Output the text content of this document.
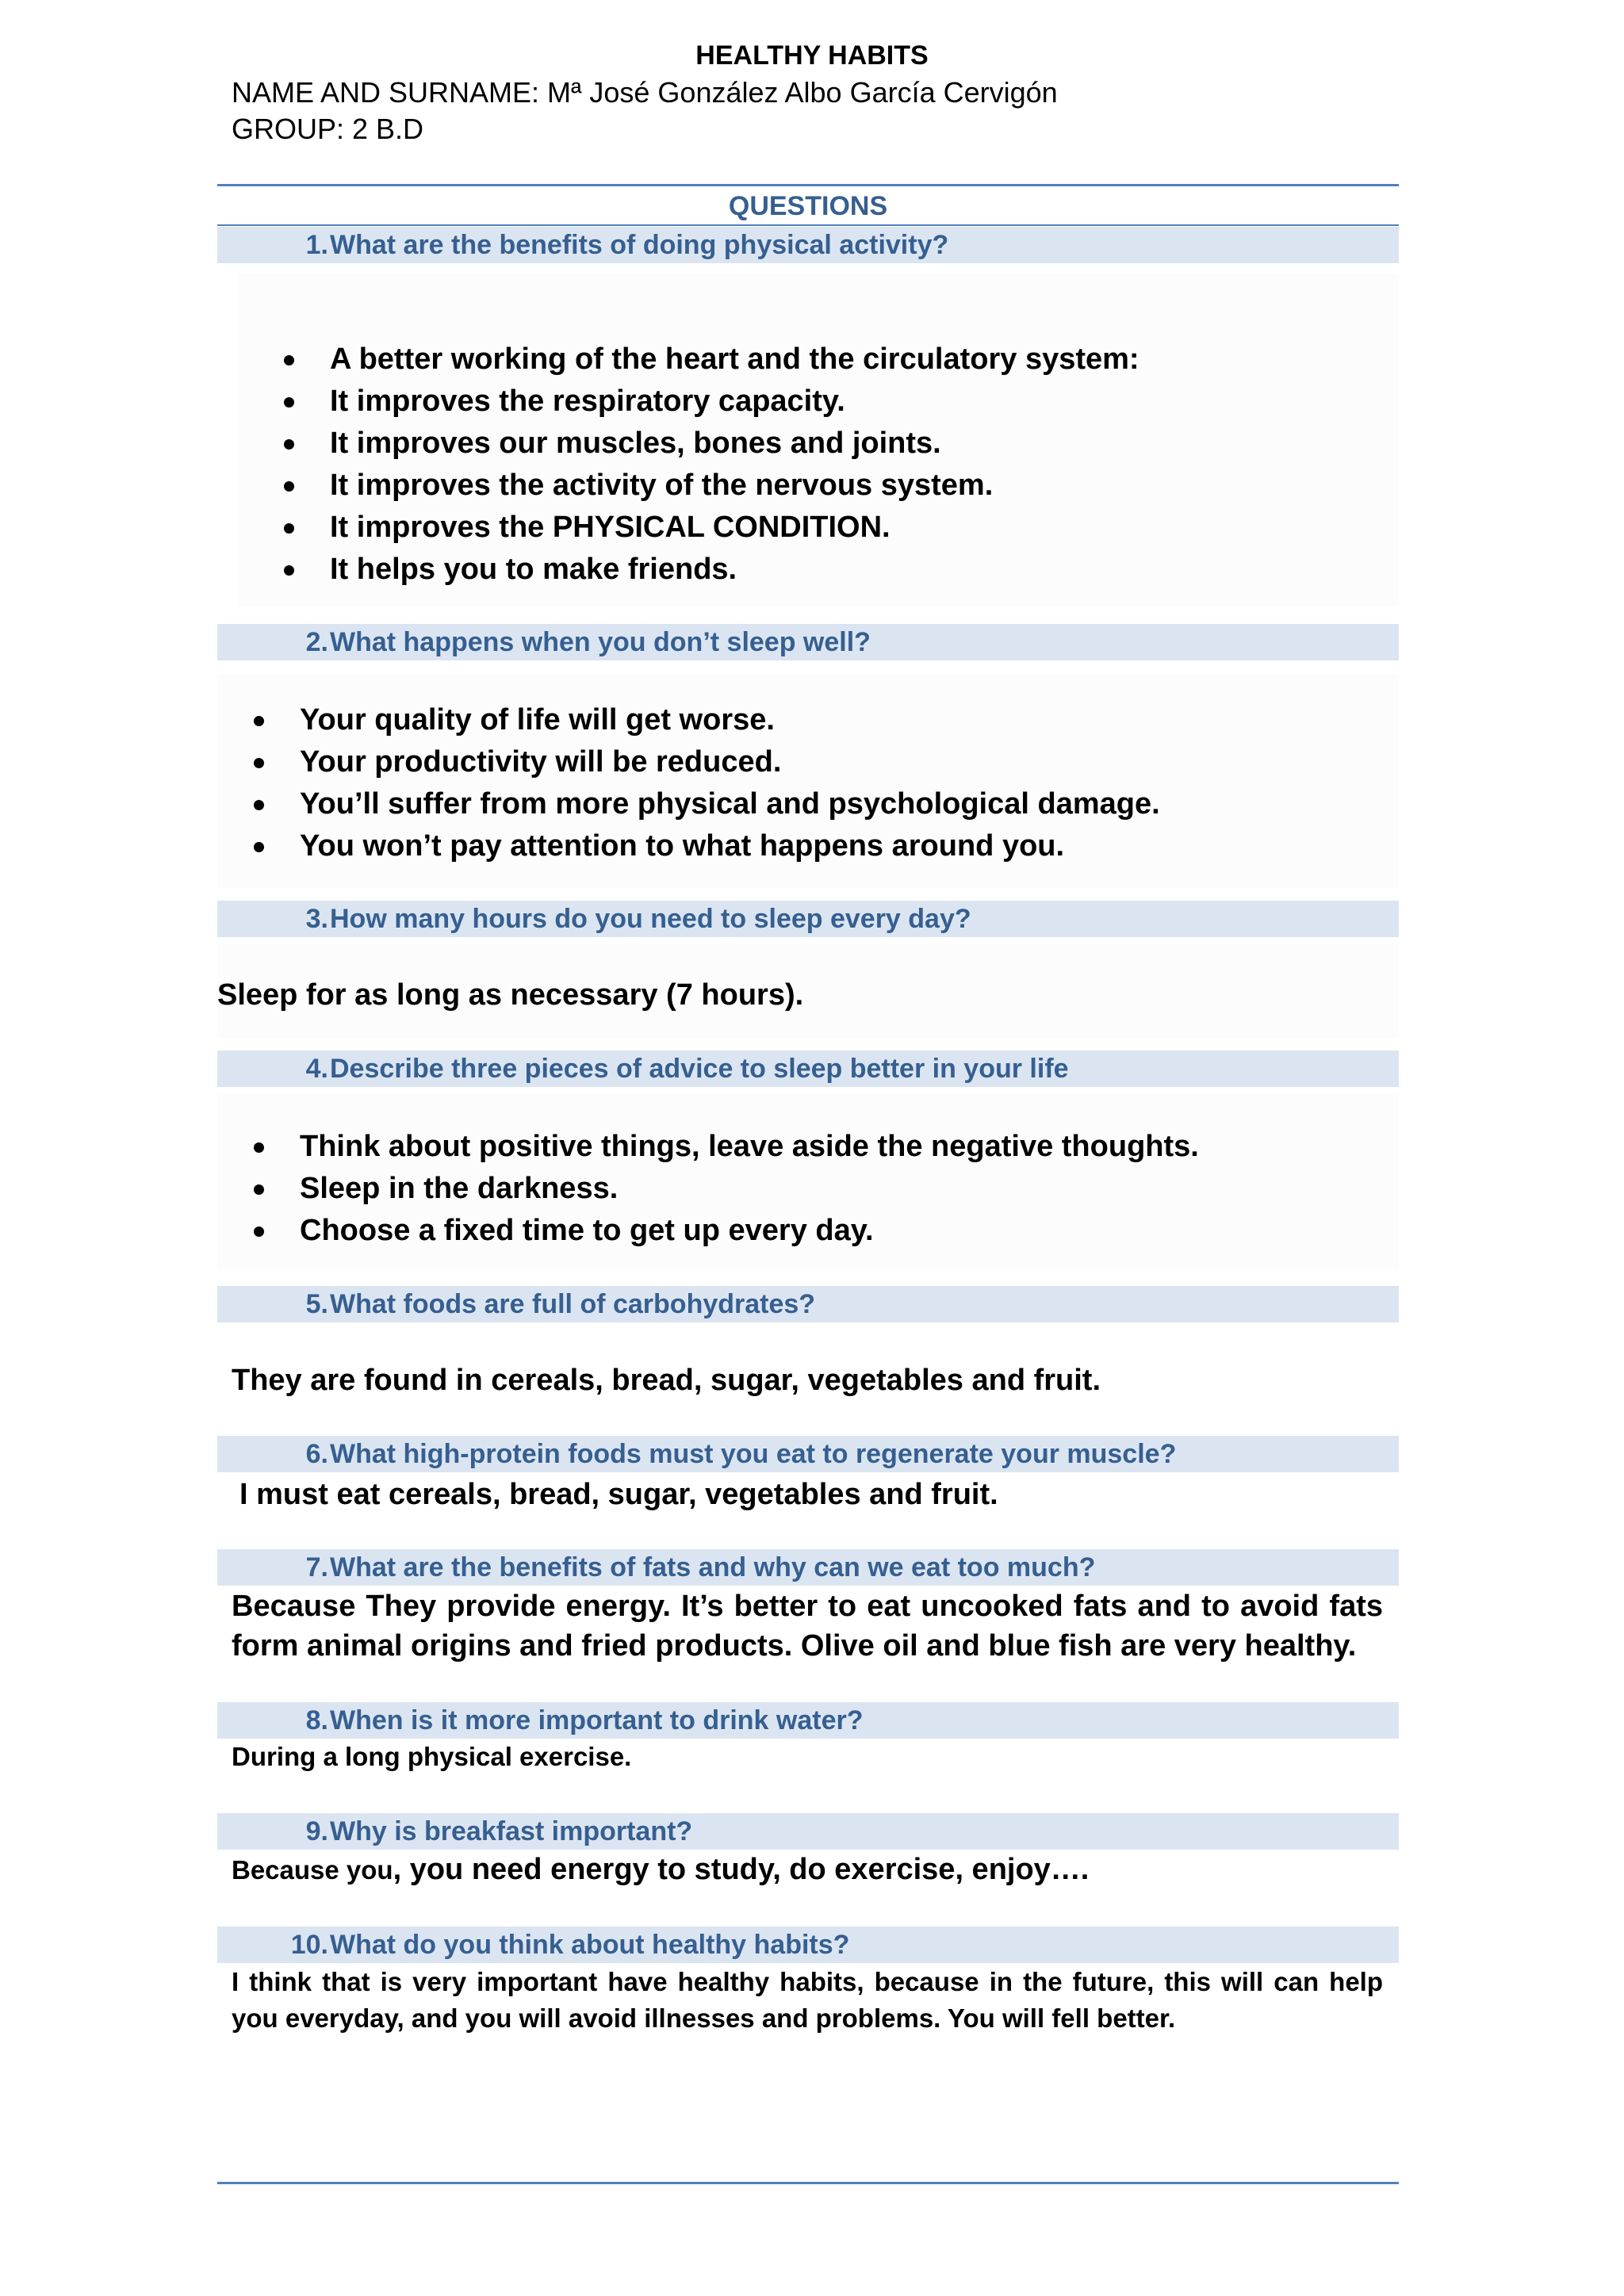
HEALTHY HABITS
NAME AND SURNAME: Mª José González Albo García Cervigón
GROUP: 2 B.D
QUESTIONS
1. What are the benefits of doing physical activity?
A better working of the heart and the circulatory system:
It improves the respiratory capacity.
It improves our muscles, bones and joints.
It improves the activity of the nervous system.
It improves the PHYSICAL CONDITION.
It helps you to make friends.
2. What happens when you don’t sleep well?
Your quality of life will get worse.
Your productivity will be reduced.
You’ll suffer from more physical and psychological damage.
You won’t pay attention to what happens around you.
3. How many hours do you need to sleep every day?
Sleep for as long as necessary (7 hours).
4. Describe three pieces of advice to sleep better in your life
Think about positive things, leave aside the negative thoughts.
Sleep in the darkness.
Choose a fixed time to get up every day.
5. What foods are full of carbohydrates?
They are found in cereals, bread, sugar, vegetables and fruit.
6. What high-protein foods must you eat to regenerate your muscle?
I must eat cereals, bread, sugar, vegetables and fruit.
7. What are the benefits of fats and why can we eat too much?
Because They provide energy. It’s better to eat uncooked fats and to avoid fats form animal origins and fried products. Olive oil and blue fish are very healthy.
8. When is it more important to drink water?
During a long physical exercise.
9. Why is breakfast important?
Because you, you need energy to study, do exercise, enjoy….
10. What do you think about healthy habits?
I think that is very important have healthy habits, because in the future, this will can help you everyday, and you will avoid illnesses and problems. You will fell better.
